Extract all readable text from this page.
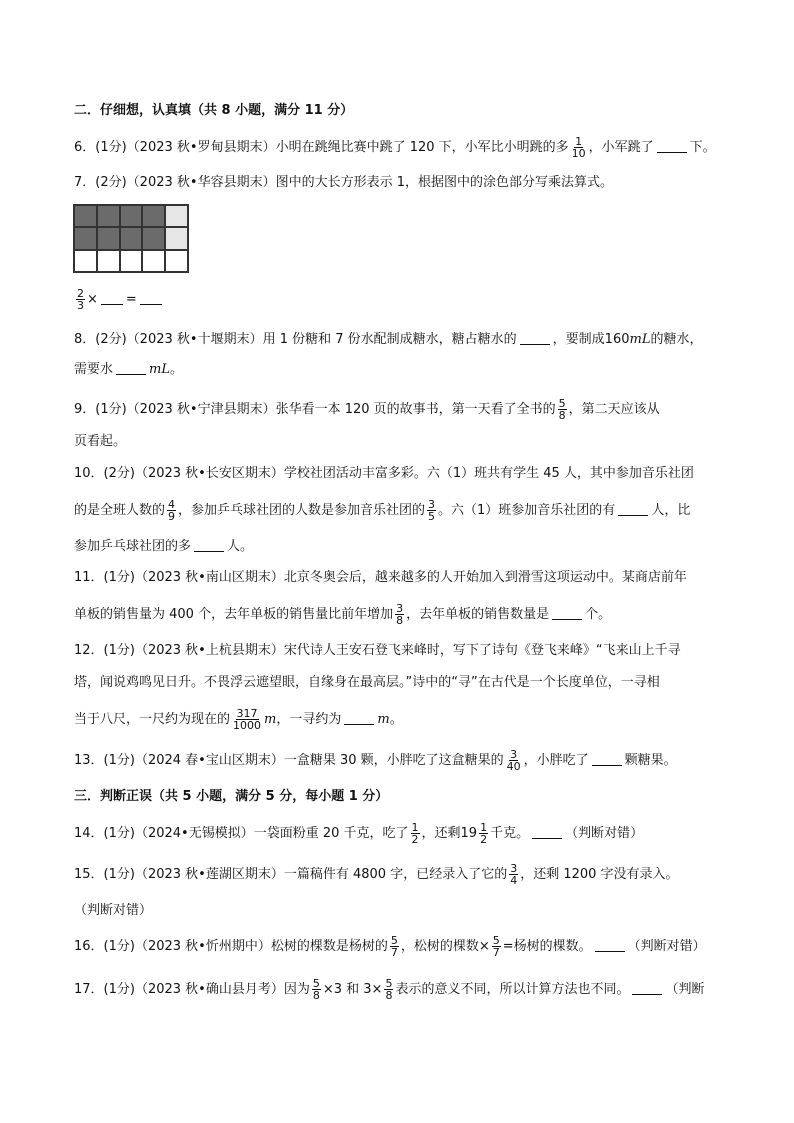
二．仔细想，认真填（共 8 小题，满分 11 分）
6．(1分)（2023 秋•罗甸县期末）小明在跳绳比赛中跳了 120 下，小军比小明跳的多 $\frac{1}{10}$ ，小军跳了	下。
7．(2分)（2023 秋•华容县期末）图中的大长方形表示 1，根据图中的涂色部分写乘法算式。
$\frac{2}{3}$ × =
8．(2分)（2023 秋•十堰期末）用 1 份糖和 7 份水配制成糖水，糖占糖水的	，要制成160mL的糖水，
需要水	mL。
9．(1分)（2023 秋•宁津县期末）张华看一本 120 页的故事书，第一天看了全书的 $\frac{5}{8}$ ，第二天应该从
页看起。
10．(2分)（2023 秋•长安区期末）学校社团活动丰富多彩。六（1）班共有学生 45 人，其中参加音乐社团
的是全班人数的 $\frac{4}{9}$ ，参加乒乓球社团的人数是参加音乐社团的 $\frac{3}{5}$ 。六（1）班参加音乐社团的有	人，比
参加乒乓球社团的多	人。
11．(1分)（2023 秋•南山区期末）北京冬奥会后，越来越多的人开始加入到滑雪这项运动中。某商店前年
单板的销售量为 400 个，去年单板的销售量比前年增加 $\frac{3}{8}$ ，去年单板的销售数量是	个。
12．(1分)（2023 秋•上杭县期末）宋代诗人王安石登飞来峰时，写下了诗句《登飞来峰》“飞来山上千寻
塔，闻说鸡鸣见日升。不畏浮云遮望眼，自缘身在最高层。”诗中的“寻”在古代是一个长度单位，一寻相
当于八尺，一尺约为现在的 $\frac{317}{1000}$ m，一寻约为	m。
13．(1分)（2024 春•宝山区期末）一盒糖果 30 颗，小胖吃了这盒糖果的 $\frac{3}{40}$ ，小胖吃了	颗糖果。
三．判断正误（共 5 小题，满分 5 分，每小题 1 分）
14．(1分)（2024•无锡模拟）一袋面粉重 20 千克，吃了 $\frac{1}{2}$ ，还剩$19 \frac{1}{2}$ 千克。	（判断对错）
15．(1分)（2023 秋•莲湖区期末）一篇稿件有 4800 字，已经录入了它的 $\frac{3}{4}$ ，还剩 1200 字没有录入。
（判断对错）
16．(1分)（2023 秋•忻州期中）松树的棵数是杨树的 $\frac{5}{7}$ ，松树的棵数× $\frac{5}{7}$ =杨树的棵数。	（判断对错）
17．(1分)（2023 秋•确山县月考）因为 $\frac{5}{8} \times 3$ 和 $3\times \frac{5}{8}$ 表示的意义不同，所以计算方法也不同。	（判断
